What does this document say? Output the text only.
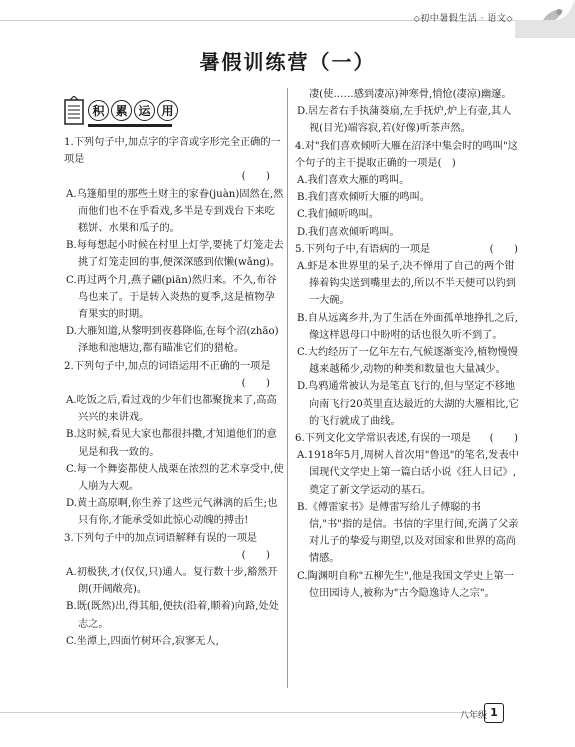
◇初中暑假生活 · 语文◇
暑假训练营（一）
积 累 运 用
1.下列句子中,加点字的字音或字形完全正确的一项是
(　　)

A.乌篷船里的那些土财主的家眷(juàn)固然在,然而他们也不在乎看戏,多半是专到戏台下来吃糕饼、水果和瓜子的。

B.每每想起小时候在村里上灯学,要挑了灯笼走去挑了灯笼走回的事,便深深感到依懒(wǎng)。

C.再过两个月,燕子翩(piān)然归来。不久,布谷鸟也来了。于是转入炎热的夏季,这是植物孕育果实的时期。

D.大雁知道,从黎明到夜暮降临,在每个沼(zhāo)泽地和池塘边,都有瞄准它们的猎枪。

2.下列句子中,加点的词语运用不正确的一项是
(　　)

A.吃饭之后,看过戏的少年们也都聚拢来了,高高兴兴的来讲戏。

B.这时候,看见大家也都很抖擞,才知道他们的意见是和我一致的。

C.每一个舞姿都使人战栗在浓烈的艺术享受中,使人崩为大观。

D.黄土高原啊,你生养了这些元气淋漓的后生;也只有你,才能承受如此惊心动魄的搏击!

3.下列句子中的加点词语解释有误的一项是
(　　)

A.初极狭,才(仅仅,只)通人。复行数十步,豁然开朗(开阔敞亮)。

B.既(既然)出,得其船,便扶(沿着,顺着)向路,处处志之。

C.坐潭上,四面竹树环合,寂寥无人,

凄(使……感到凄凉)神寒骨,悄怆(凄凉)幽邃。

D.居左者右手执蒲葵扇,左手抚炉,炉上有壶,其人视(目光)端容寂,若(好像)听茶声然。

4.对"我们喜欢倾听大雁在沼泽中集会时的鸣叫"这个句子的主干提取正确的一项是(　)

A.我们喜欢大雁的鸣叫。

B.我们喜欢倾听大雁的鸣叫。

C.我们倾听鸣叫。

D.我们喜欢倾听鸣叫。

5.下列句子中,有语病的一项是	(　　)

A.虾是本世界里的呆子,决不惮用了自己的两个钳捧着钩尖送到嘴里去的,所以不半天便可以钓到一大碗。

B.自从远离乡井,为了生活在外面孤单地挣扎之后,像这样恩母口中盼咐的话也很久听不到了。

C.大约经历了一亿年左右,气候逐渐变冷,植物慢慢越来越稀少,动物的种类和数量也大量减少。

D.鸟鸦通常被认为是笔直飞行的,但与坚定不移地向南飞行20英里直达最近的大湖的大雁相比,它的飞行就成了曲线。

6.下列文化文学常识表述,有误的一项是 (　　)

A.1918年5月,周树人首次用"鲁迅"的笔名,发表中国现代文学史上第一篇白话小说《狂人日记》,奠定了新文学运动的基石。

B.《傅雷家书》是傅雷写给儿子傅聪的书信,"书"指的是信。书信的字里行间,充满了父亲对儿子的挚爱与期望,以及对国家和世界的高尚情感。

C.陶渊明自称"五柳先生",他是我国文学史上第一位田园诗人,被称为"古今隐逸诗人之宗"。

八年级 1
